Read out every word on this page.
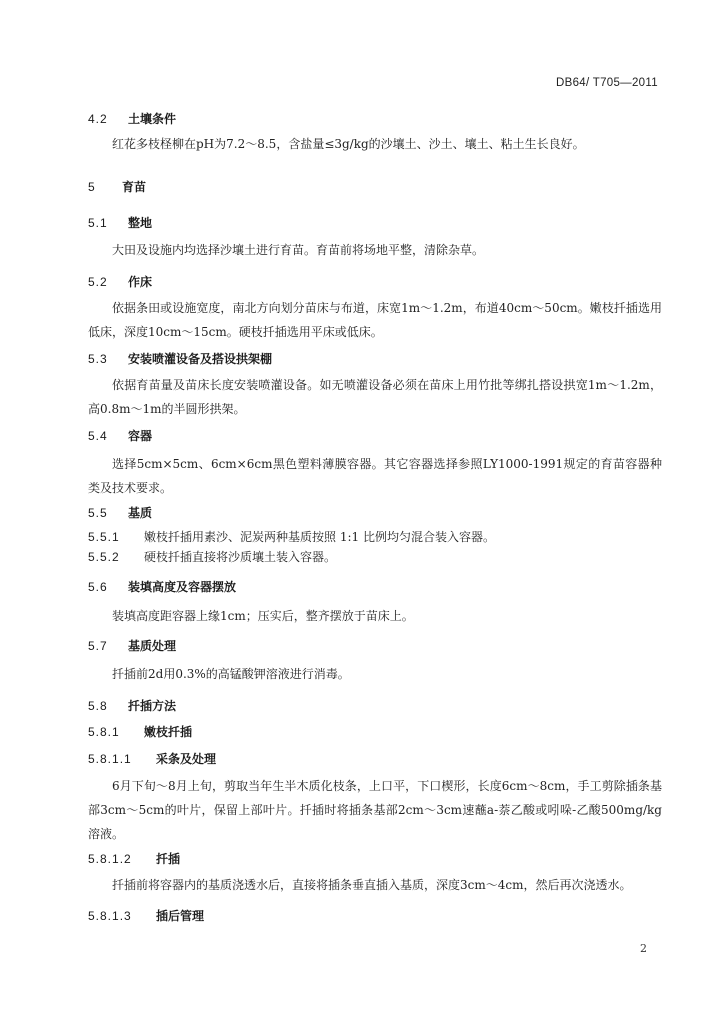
DB64/ T705—2011
4.2 土壤条件
红花多枝柽柳在pH为7.2～8.5，含盐量≤3g/kg的沙壤土、沙土、壤土、粘土生长良好。
5 育苗
5.1 整地
大田及设施内均选择沙壤土进行育苗。育苗前将场地平整，清除杂草。
5.2 作床
依据条田或设施宽度，南北方向划分苗床与布道，床宽1m～1.2m，布道40cm～50cm。嫩枝扦插选用低床，深度10cm～15cm。硬枝扦插选用平床或低床。
5.3 安装喷灌设备及搭设拱架棚
依据育苗量及苗床长度安装喷灌设备。如无喷灌设备必须在苗床上用竹批等绑扎搭设拱宽1m～1.2m，高0.8m～1m的半圆形拱架。
5.4 容器
选择5cm×5cm、6cm×6cm黑色塑料薄膜容器。其它容器选择参照LY1000-1991规定的育苗容器种类及技术要求。
5.5 基质
5.5.1 嫩枝扦插用素沙、泥炭两种基质按照 1:1 比例均匀混合装入容器。
5.5.2 硬枝扦插直接将沙质壤土装入容器。
5.6 装填高度及容器摆放
装填高度距容器上缘1cm；压实后，整齐摆放于苗床上。
5.7 基质处理
扦插前2d用0.3%的高锰酸钾溶液进行消毒。
5.8 扦插方法
5.8.1 嫩枝扦插
5.8.1.1 采条及处理
6月下旬～8月上旬，剪取当年生半木质化枝条，上口平，下口楔形，长度6cm～8cm，手工剪除插条基部3cm～5cm的叶片，保留上部叶片。扦插时将插条基部2cm～3cm速蘸a-萘乙酸或吲哚-乙酸500mg/kg溶液。
5.8.1.2 扦插
扦插前将容器内的基质浇透水后，直接将插条垂直插入基质，深度3cm～4cm，然后再次浇透水。
5.8.1.3 插后管理
2
